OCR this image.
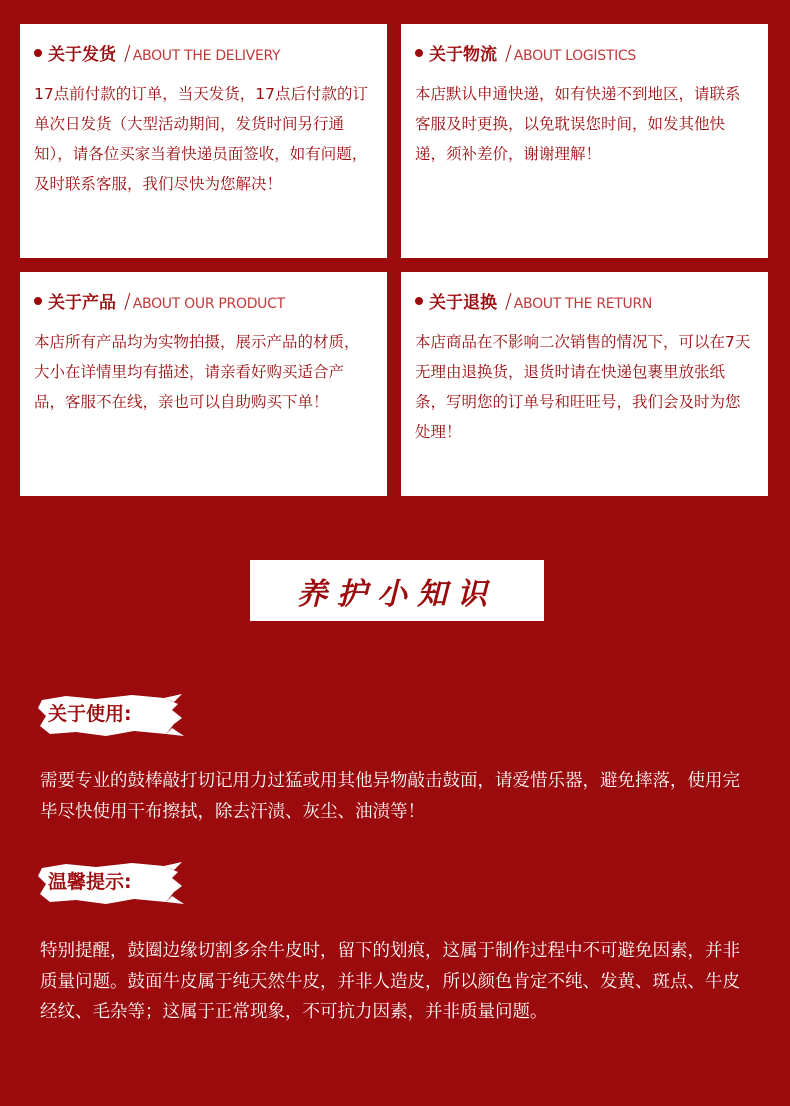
关于发货 / ABOUT THE DELIVERY
17点前付款的订单，当天发货，17点后付款的订单次日发货（大型活动期间，发货时间另行通知），请各位买家当着快递员面签收，如有问题，及时联系客服，我们尽快为您解决！
关于物流 / ABOUT LOGISTICS
本店默认申通快递，如有快递不到地区，请联系客服及时更换，以免耽误您时间，如发其他快递，须补差价，谢谢理解！
关于产品 / ABOUT OUR PRODUCT
本店所有产品均为实物拍摄，展示产品的材质，大小在详情里均有描述，请亲看好购买适合产品，客服不在线，亲也可以自助购买下单！
关于退换 / ABOUT THE RETURN
本店商品在不影响二次销售的情况下，可以在7天无理由退换货，退货时请在快递包裹里放张纸条，写明您的订单号和旺旺号，我们会及时为您处理！
养护小知识
关于使用:
需要专业的鼓棒敲打切记用力过猛或用其他异物敲击鼓面，请爱惜乐器，避免摔落，使用完毕尽快使用干布擦拭，除去汗渍、灰尘、油渍等！
温馨提示:
特别提醒，鼓圈边缘切割多余牛皮时，留下的划痕，这属于制作过程中不可避免因素，并非质量问题。鼓面牛皮属于纯天然牛皮，并非人造皮，所以颜色肯定不纯、发黄、斑点、牛皮经纹、毛杂等；这属于正常现象，不可抗力因素，并非质量问题。
